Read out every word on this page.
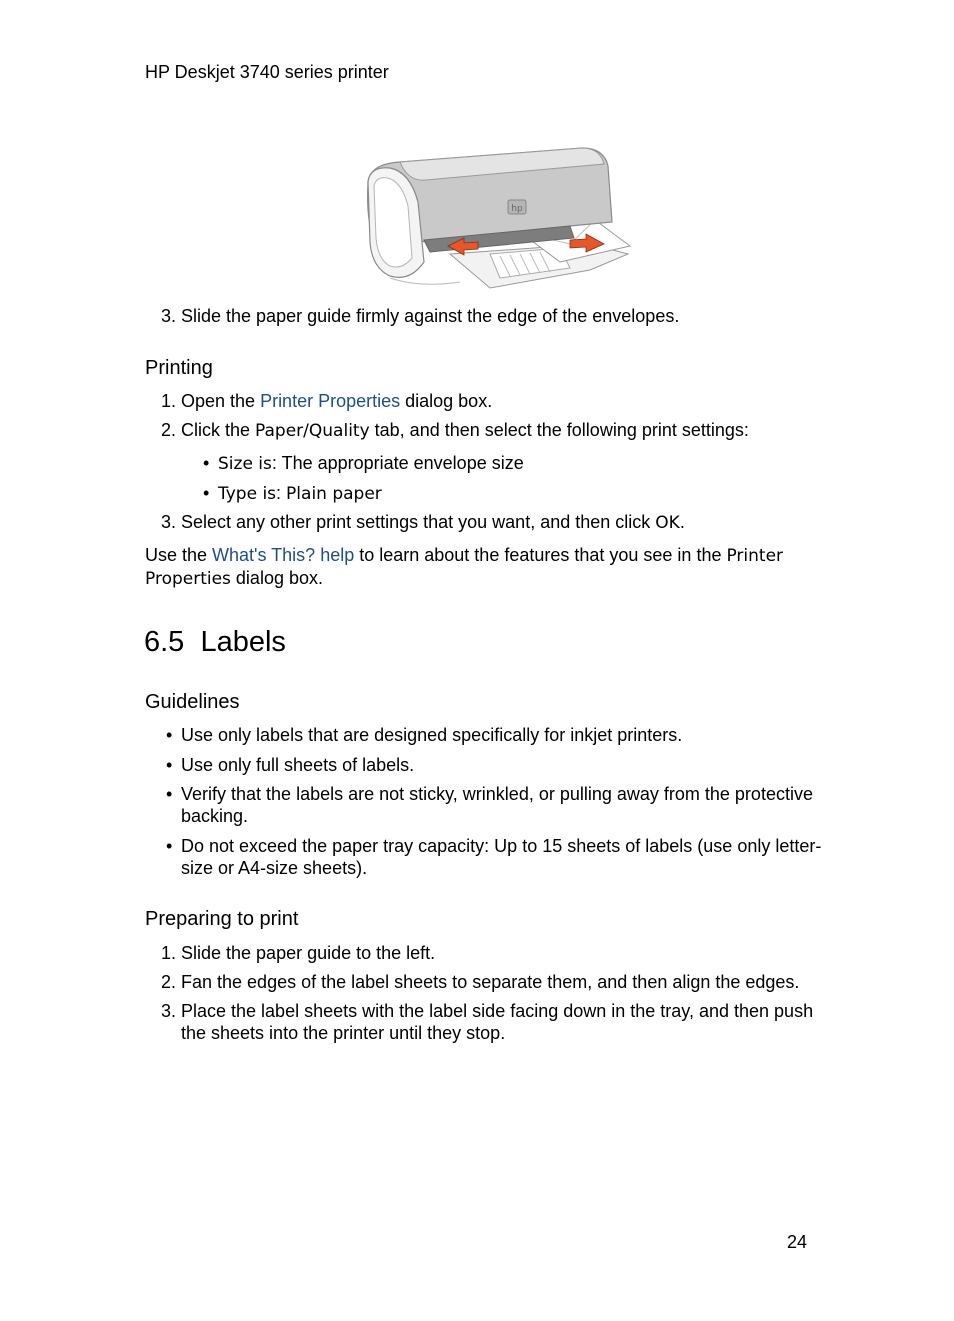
HP Deskjet 3740 series printer
hp
3. Slide the paper guide firmly against the edge of the envelopes.
Printing
1. Open the Printer Properties dialog box.
2. Click the Paper/Quality tab, and then select the following print settings:
• Size is: The appropriate envelope size
• Type is: Plain paper
3. Select any other print settings that you want, and then click OK.
Use the What's This? help to learn about the features that you see in the Printer
Properties dialog box.
6.5 Labels
Guidelines
• Use only labels that are designed specifically for inkjet printers.
• Use only full sheets of labels.
• Verify that the labels are not sticky, wrinkled, or pulling away from the protective
backing.
• Do not exceed the paper tray capacity: Up to 15 sheets of labels (use only letter-
size or A4-size sheets).
Preparing to print
1. Slide the paper guide to the left.
2. Fan the edges of the label sheets to separate them, and then align the edges.
3. Place the label sheets with the label side facing down in the tray, and then push
the sheets into the printer until they stop.
24
